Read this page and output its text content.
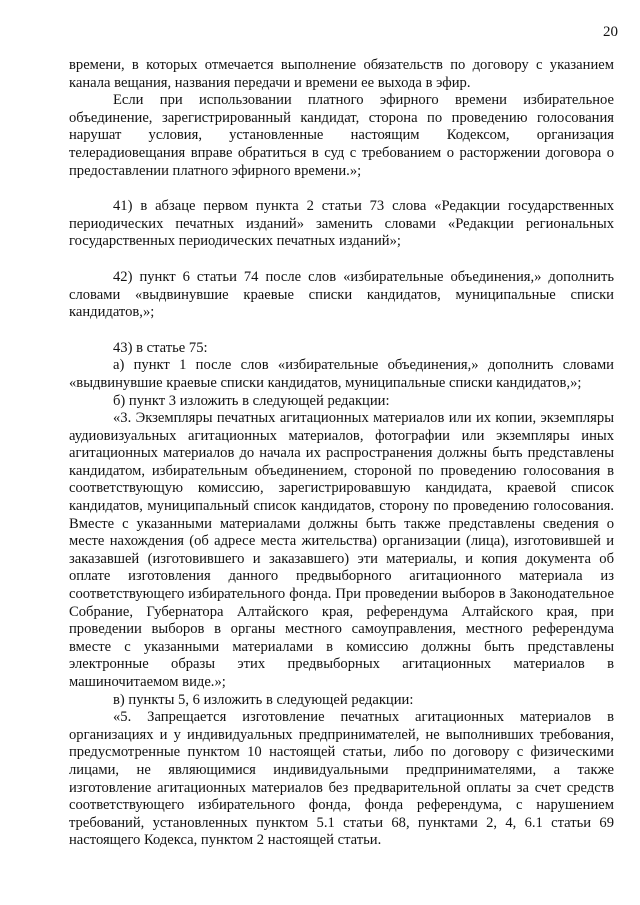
20

времени, в которых отмечается выполнение обязательств по договору с указанием канала вещания, названия передачи и времени ее выхода в эфир.

Если при использовании платного эфирного времени избирательное объединение, зарегистрированный кандидат, сторона по проведению голосования нарушат условия, установленные настоящим Кодексом, организация телерадиовещания вправе обратиться в суд с требованием о расторжении договора о предоставлении платного эфирного времени.»;

41) в абзаце первом пункта 2 статьи 73 слова «Редакции государственных периодических печатных изданий» заменить словами «Редакции региональных государственных периодических печатных изданий»;

42) пункт 6 статьи 74 после слов «избирательные объединения,» дополнить словами «выдвинувшие краевые списки кандидатов, муниципальные списки кандидатов,»;

43) в статье 75:

а) пункт 1 после слов «избирательные объединения,» дополнить словами «выдвинувшие краевые списки кандидатов, муниципальные списки кандидатов,»;

б) пункт 3 изложить в следующей редакции:

«3. Экземпляры печатных агитационных материалов или их копии, экземпляры аудиовизуальных агитационных материалов, фотографии или экземпляры иных агитационных материалов до начала их распространения должны быть представлены кандидатом, избирательным объединением, стороной по проведению голосования в соответствующую комиссию, зарегистрировавшую кандидата, краевой список кандидатов, муниципальный список кандидатов, сторону по проведению голосования. Вместе с указанными материалами должны быть также представлены сведения о месте нахождения (об адресе места жительства) организации (лица), изготовившей и заказавшей (изготовившего и заказавшего) эти материалы, и копия документа об оплате изготовления данного предвыборного агитационного материала из соответствующего избирательного фонда. При проведении выборов в Законодательное Собрание, Губернатора Алтайского края, референдума Алтайского края, при проведении выборов в органы местного самоуправления, местного референдума вместе с указанными материалами в комиссию должны быть представлены электронные образы этих предвыборных агитационных материалов в машиночитаемом виде.»;

в) пункты 5, 6 изложить в следующей редакции:

«5. Запрещается изготовление печатных агитационных материалов в организациях и у индивидуальных предпринимателей, не выполнивших требования, предусмотренные пунктом 10 настоящей статьи, либо по договору с физическими лицами, не являющимися индивидуальными предпринимателями, а также изготовление агитационных материалов без предварительной оплаты за счет средств соответствующего избирательного фонда, фонда референдума, с нарушением требований, установленных пунктом 5.1 статьи 68, пунктами 2, 4, 6.1 статьи 69 настоящего Кодекса, пунктом 2 настоящей статьи.
